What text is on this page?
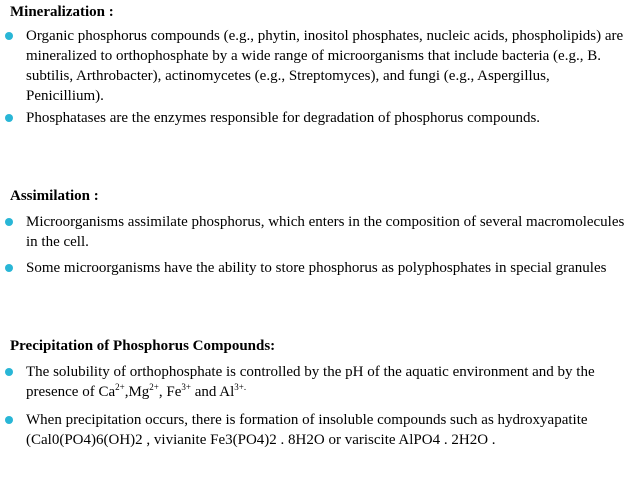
Mineralization :
Organic phosphorus compounds (e.g., phytin, inositol phosphates, nucleic acids, phospholipids) are mineralized to orthophosphate by a wide range of microorganisms that include bacteria (e.g., B. subtilis, Arthrobacter), actinomycetes (e.g., Streptomyces), and fungi (e.g., Aspergillus, Penicillium).
Phosphatases are the enzymes responsible for degradation of phosphorus compounds.
Assimilation :
Microorganisms assimilate phosphorus, which enters in the composition of several macromolecules in the cell.
Some microorganisms have the ability to store phosphorus as polyphosphates in special granules
Precipitation of Phosphorus Compounds:
The solubility of orthophosphate is controlled by the pH of the aquatic environment and by the presence of $Ca^{2+},Mg^{2+}$, $Fe^{3+}$ and $Al^{3+.}$
When precipitation occurs, there is formation of insoluble compounds such as hydroxyapatite (Cal0(PO4)6(OH)2 , vivianite Fe3(PO4)2 . 8H2O or variscite AlPO4 . 2H2O .
